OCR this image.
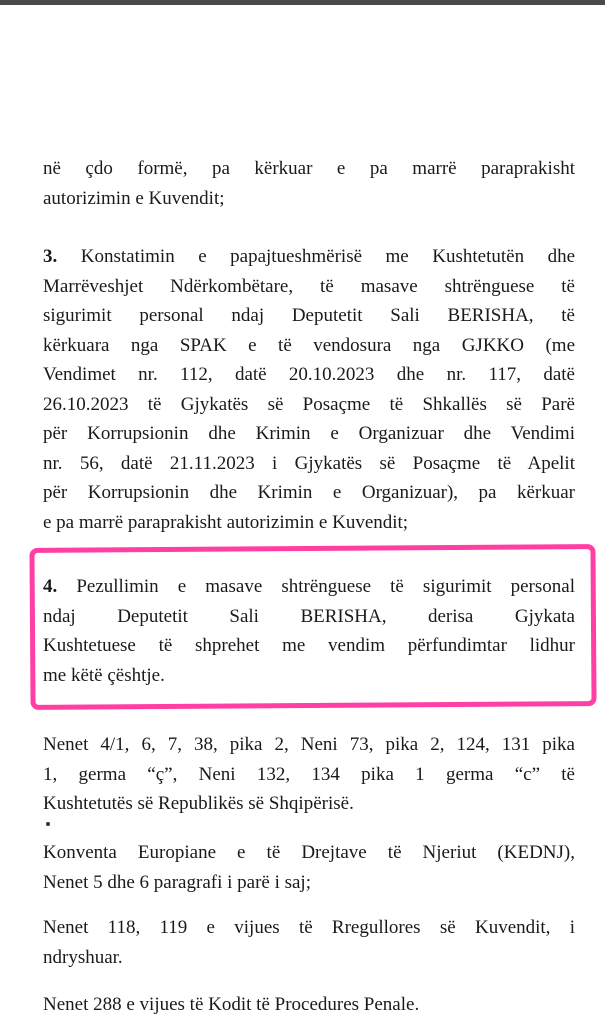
në çdo formë, pa kërkuar e pa marrë paraprakisht
autorizimin e Kuvendit;

3. Konstatimin e papajtueshmërisë me Kushtetutën dhe
Marrëveshjet Ndërkombëtare, të masave shtrënguese të
sigurimit personal ndaj Deputetit Sali BERISHA, të
kërkuara nga SPAK e të vendosura nga GJKKO (me
Vendimet nr. 112, datë 20.10.2023 dhe nr. 117, datë
26.10.2023 të Gjykatës së Posaçme të Shkallës së Parë
për Korrupsionin dhe Krimin e Organizuar dhe Vendimi
nr. 56, datë 21.11.2023 i Gjykatës së Posaçme të Apelit
për Korrupsionin dhe Krimin e Organizuar), pa kërkuar
e pa marrë paraprakisht autorizimin e Kuvendit;

4. Pezullimin e masave shtrënguese të sigurimit personal
ndaj Deputetit Sali BERISHA, derisa Gjykata
Kushtetuese të shprehet me vendim përfundimtar lidhur
me këtë çështje.

Nenet 4/1, 6, 7, 38, pika 2, Neni 73, pika 2, 124, 131 pika
1, germa “ç”, Neni 132, 134 pika 1 germa “c” të
Kushtetutës së Republikës së Shqipërisë.

Konventa Europiane e të Drejtave të Njeriut (KEDNJ),
Nenet 5 dhe 6 paragrafi i parë i saj;

Nenet 118, 119 e vijues të Rregullores së Kuvendit, i
ndryshuar.

Nenet 288 e vijues të Kodit të Procedures Penale.
